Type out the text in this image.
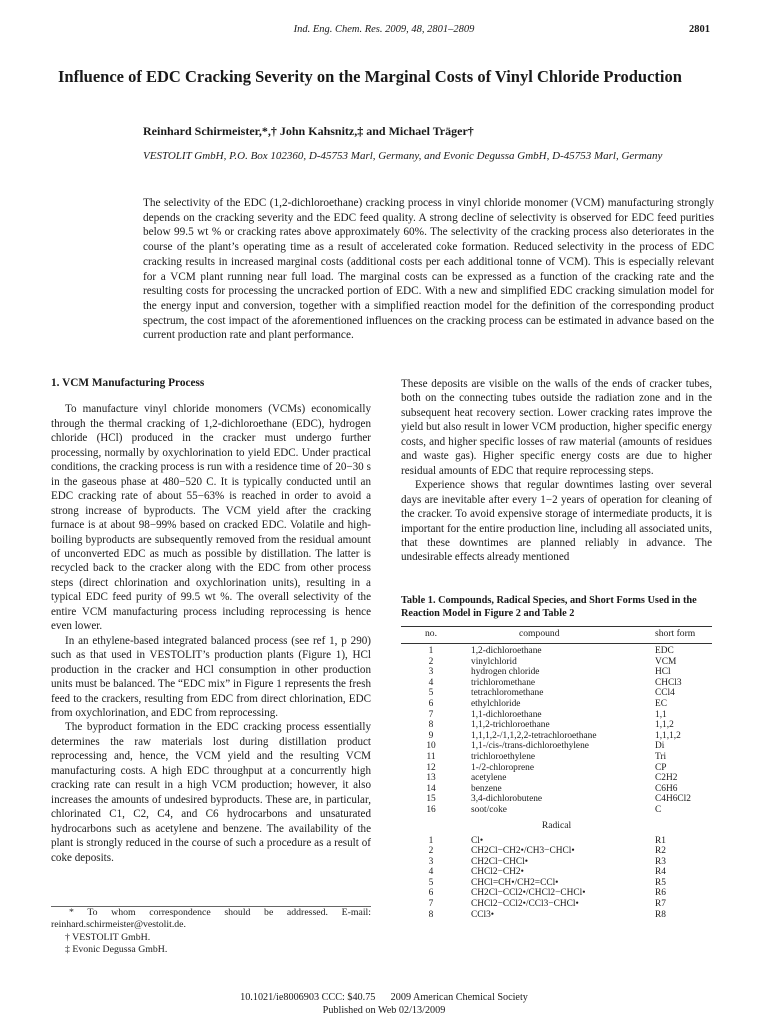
Ind. Eng. Chem. Res. 2009, 48, 2801–2809	2801
Influence of EDC Cracking Severity on the Marginal Costs of Vinyl Chloride Production
Reinhard Schirmeister,*,† John Kahsnitz,‡ and Michael Träger†
VESTOLIT GmbH, P.O. Box 102360, D-45753 Marl, Germany, and Evonic Degussa GmbH, D-45753 Marl, Germany
The selectivity of the EDC (1,2-dichloroethane) cracking process in vinyl chloride monomer (VCM) manufacturing strongly depends on the cracking severity and the EDC feed quality. A strong decline of selectivity is observed for EDC feed purities below 99.5 wt % or cracking rates above approximately 60%. The selectivity of the cracking process also deteriorates in the course of the plant’s operating time as a result of accelerated coke formation. Reduced selectivity in the process of EDC cracking results in increased marginal costs (additional costs per each additional tonne of VCM). This is especially relevant for a VCM plant running near full load. The marginal costs can be expressed as a function of the cracking rate and the resulting costs for processing the uncracked portion of EDC. With a new and simplified EDC cracking simulation model for the energy input and conversion, together with a simplified reaction model for the definition of the corresponding product spectrum, the cost impact of the aforementioned influences on the cracking process can be estimated in advance based on the current production rate and plant performance.
1. VCM Manufacturing Process

To manufacture vinyl chloride monomers (VCMs) economically through the thermal cracking of 1,2-dichloroethane (EDC), hydrogen chloride (HCl) produced in the cracker must undergo further processing, normally by oxychlorination to yield EDC. Under practical conditions, the cracking process is run with a residence time of 20−30 s in the gaseous phase at 480−520 C. It is typically conducted until an EDC cracking rate of about 55−63% is reached in order to avoid a strong increase of byproducts. The VCM yield after the cracking furnace is at about 98−99% based on cracked EDC. Volatile and high-boiling byproducts are subsequently removed from the residual amount of unconverted EDC as much as possible by distillation. The latter is recycled back to the cracker along with the EDC from other process steps (direct chlorination and oxychlorination units), resulting in a typical EDC feed purity of 99.5 wt %. The overall selectivity of the entire VCM manufacturing process including reprocessing is hence even lower.

In an ethylene-based integrated balanced process (see ref 1, p 290) such as that used in VESTOLIT’s production plants (Figure 1), HCl production in the cracker and HCl consumption in other production units must be balanced. The “EDC mix” in Figure 1 represents the fresh feed to the crackers, resulting from EDC from direct chlorination, EDC from oxychlorination, and EDC from reprocessing.

The byproduct formation in the EDC cracking process essentially determines the raw materials lost during distillation product reprocessing and, hence, the VCM yield and the resulting VCM manufacturing costs. A high EDC throughput at a concurrently high cracking rate can result in a high VCM production; however, it also increases the amounts of undesired byproducts. These are, in particular, chlorinated C1, C2, C4, and C6 hydrocarbons and unsaturated hydrocarbons such as acetylene and benzene. The availability of the plant is strongly reduced in the course of such a procedure as a result of coke deposits.

* To whom correspondence should be addressed. E-mail: reinhard.schirmeister@vestolit.de.
† VESTOLIT GmbH.
‡ Evonic Degussa GmbH.

These deposits are visible on the walls of the ends of cracker tubes, both on the connecting tubes outside the radiation zone and in the subsequent heat recovery section. Lower cracking rates improve the yield but also result in lower VCM production, higher specific energy costs, and higher specific losses of raw material (amounts of residues and waste gas). Higher specific energy costs are due to higher residual amounts of EDC that require reprocessing steps.

Experience shows that regular downtimes lasting over several days are inevitable after every 1−2 years of operation for cleaning of the cracker. To avoid expensive storage of intermediate products, it is important for the entire production line, including all associated units, that these downtimes are planned reliably in advance. The undesirable effects already mentioned

Table 1. Compounds, Radical Species, and Short Forms Used in the Reaction Model in Figure 2 and Table 2
no.	compound	short form
1	1,2-dichloroethane	EDC
2	vinylchlorid	VCM
3	hydrogen chloride	HCl
4	trichloromethane	CHCl3
5	tetrachloromethane	CCl4
6	ethylchloride	EC
7	1,1-dichloroethane	1,1
8	1,1,2-trichloroethane	1,1,2
9	1,1,1,2-/1,1,2,2-tetrachloroethane	1,1,1,2
10	1,1-/cis-/trans-dichloroethylene	Di
11	trichloroethylene	Tri
12	1-/2-chloroprene	CP
13	acetylene	C2H2
14	benzene	C6H6
15	3,4-dichlorobutene	C4H6Cl2
16	soot/coke	C
Radical
1	Cl•	R1
2	CH2Cl−CH2•/CH3−CHCl•	R2
3	CH2Cl−CHCl•	R3
4	CHCl2−CH2•	R4
5	CHCl=CH•/CH2=CCl•	R5
6	CH2Cl−CCl2•/CHCl2−CHCl•	R6
7	CHCl2−CCl2•/CCl3−CHCl•	R7
8	CCl3•	R8
10.1021/ie8006903 CCC: $40.75      2009 American Chemical Society
Published on Web 02/13/2009
